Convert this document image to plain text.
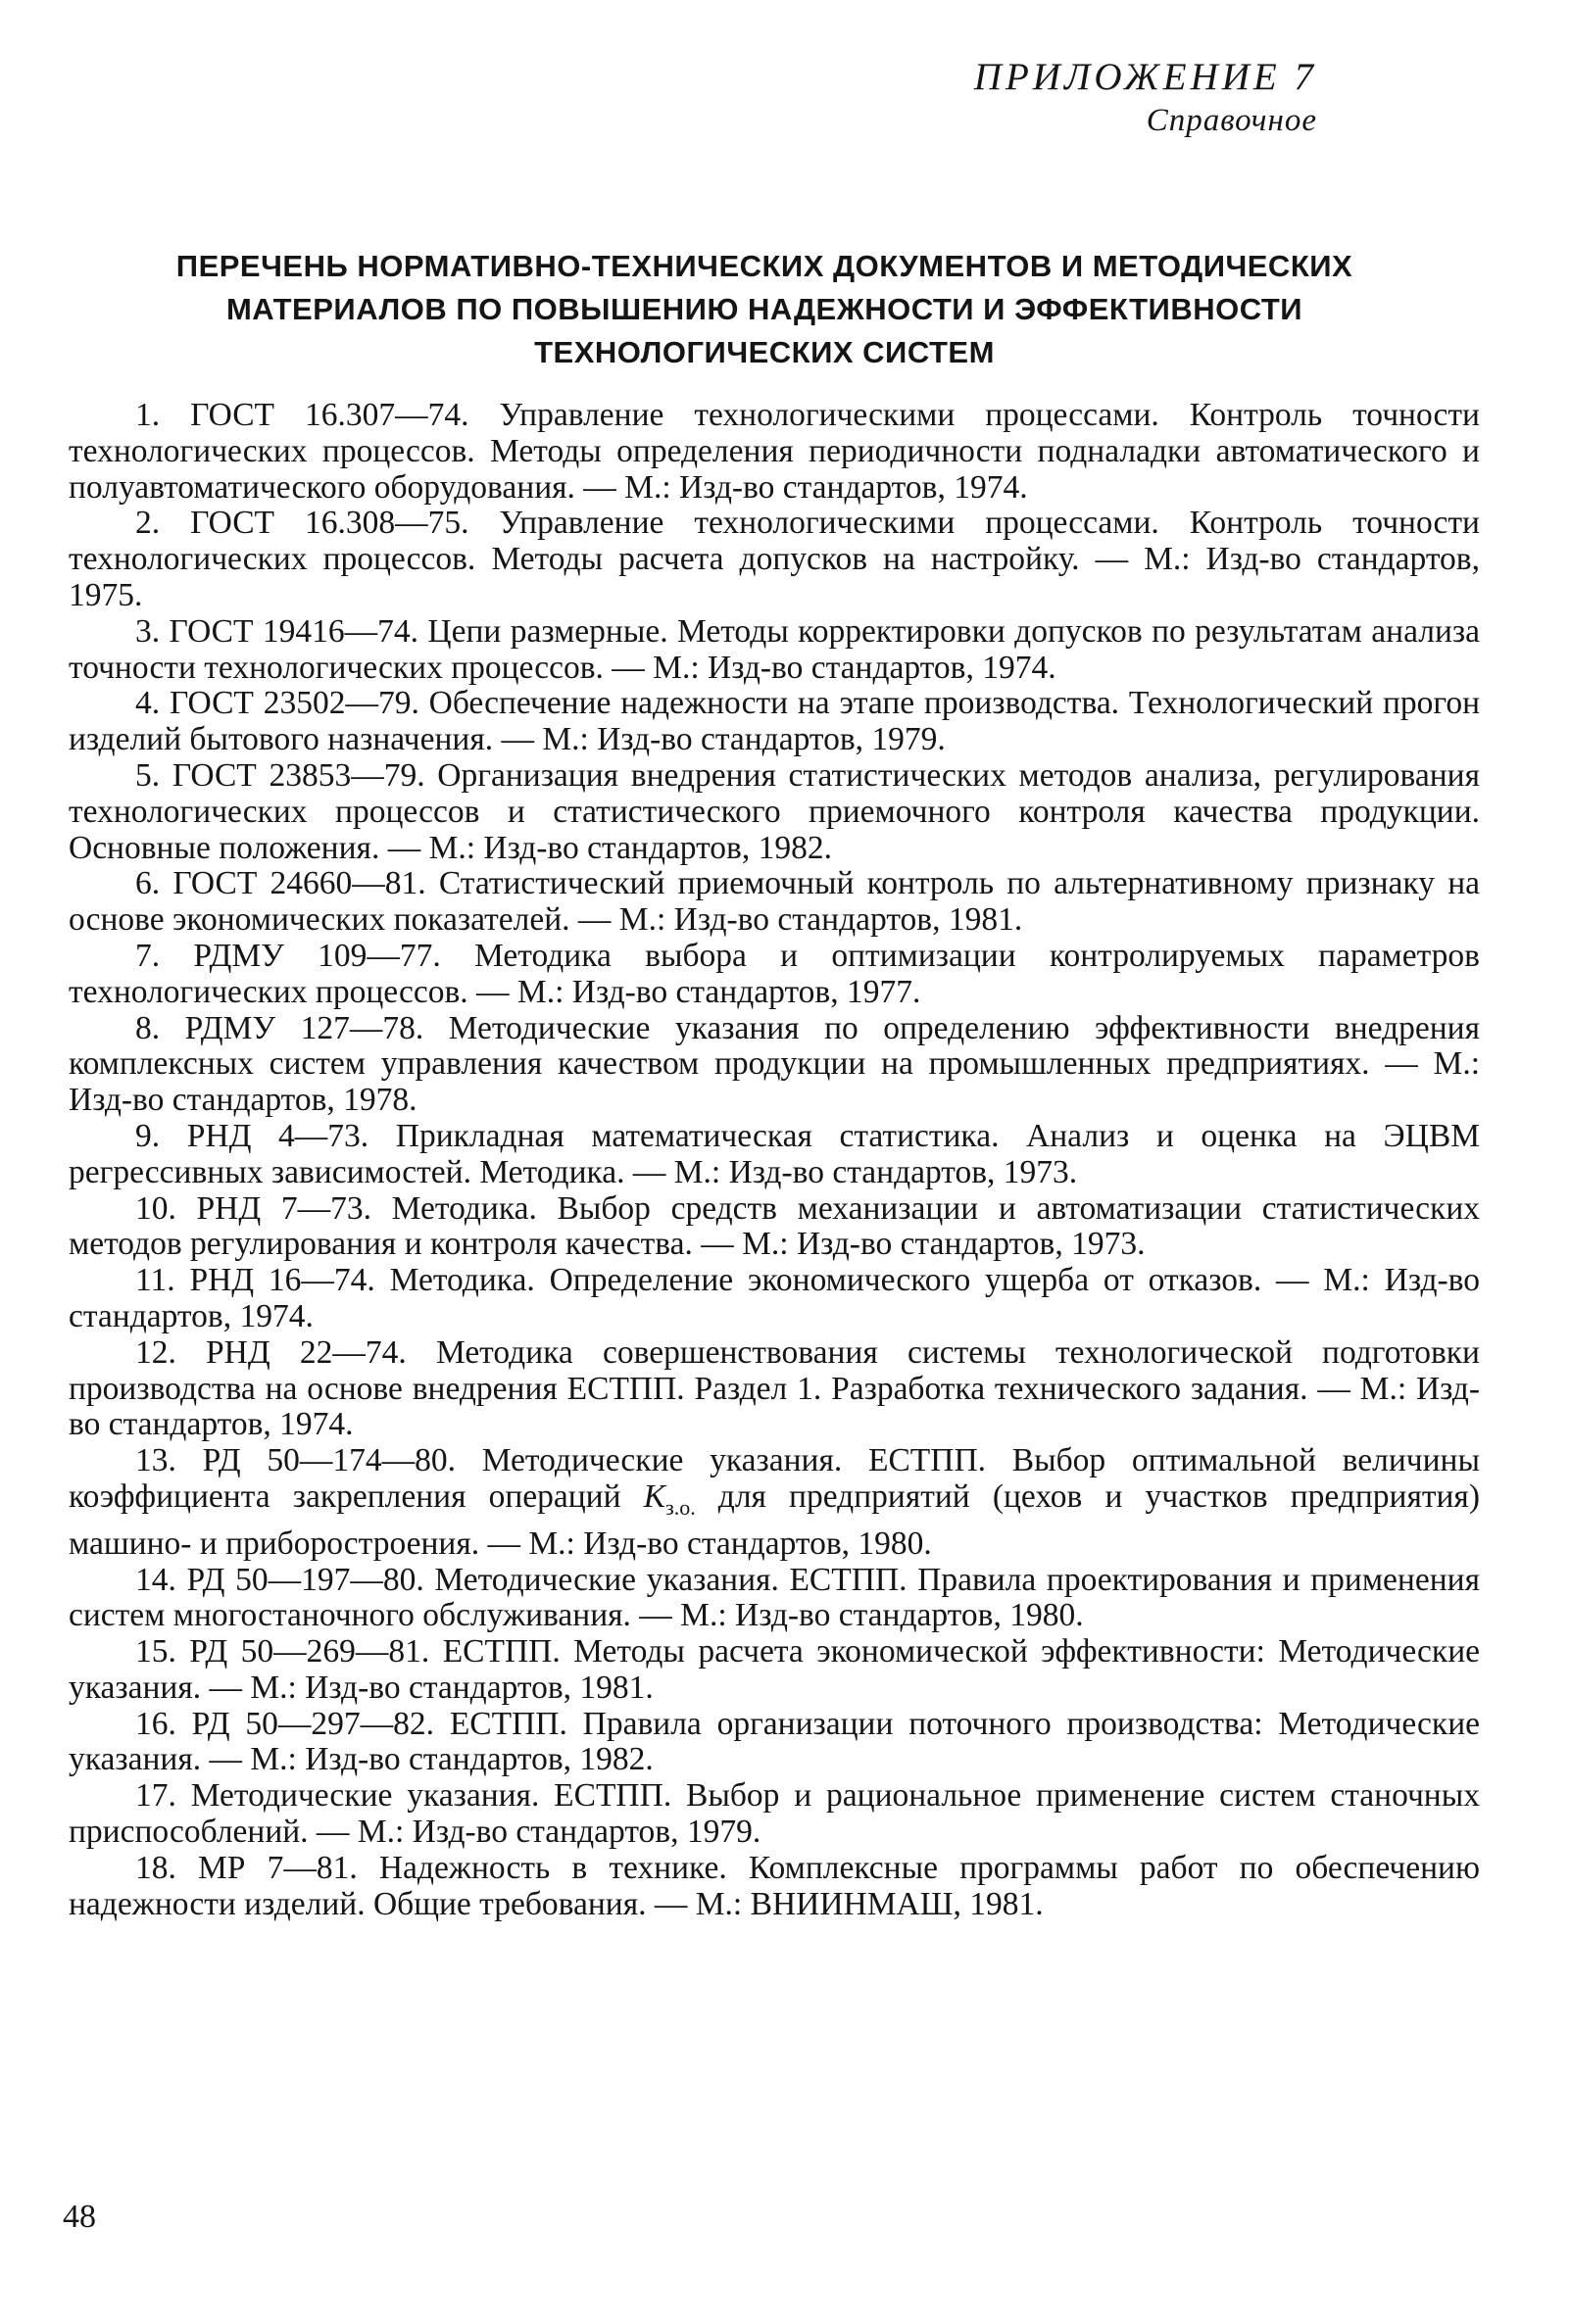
ПРИЛОЖЕНИЕ 7
Справочное
ПЕРЕЧЕНЬ НОРМАТИВНО-ТЕХНИЧЕСКИХ ДОКУМЕНТОВ И МЕТОДИЧЕСКИХ
МАТЕРИАЛОВ ПО ПОВЫШЕНИЮ НАДЕЖНОСТИ И ЭФФЕКТИВНОСТИ
ТЕХНОЛОГИЧЕСКИХ СИСТЕМ

1. ГОСТ 16.307—74. Управление технологическими процессами. Контроль точности технологических процессов. Методы определения периодичности подналадки автоматического и полуавтоматического оборудования. — М.: Изд-во стандартов, 1974.

2. ГОСТ 16.308—75. Управление технологическими процессами. Контроль точности технологических процессов. Методы расчета допусков на настройку. — М.: Изд-во стандартов, 1975.

3. ГОСТ 19416—74. Цепи размерные. Методы корректировки допусков по результатам анализа точности технологических процессов. — М.: Изд-во стандартов, 1974.

4. ГОСТ 23502—79. Обеспечение надежности на этапе производства. Технологический прогон изделий бытового назначения. — М.: Изд-во стандартов, 1979.

5. ГОСТ 23853—79. Организация внедрения статистических методов анализа, регулирования технологических процессов и статистического приемочного контроля качества продукции. Основные положения. — М.: Изд-во стандартов, 1982.

6. ГОСТ 24660—81. Статистический приемочный контроль по альтернативному признаку на основе экономических показателей. — М.: Изд-во стандартов, 1981.

7. РДМУ 109—77. Методика выбора и оптимизации контролируемых параметров технологических процессов. — М.: Изд-во стандартов, 1977.

8. РДМУ 127—78. Методические указания по определению эффективности внедрения комплексных систем управления качеством продукции на промышленных предприятиях. — М.: Изд-во стандартов, 1978.

9. РНД 4—73. Прикладная математическая статистика. Анализ и оценка на ЭЦВМ регрессивных зависимостей. Методика. — М.: Изд-во стандартов, 1973.

10. РНД 7—73. Методика. Выбор средств механизации и автоматизации статистических методов регулирования и контроля качества. — М.: Изд-во стандартов, 1973.

11. РНД 16—74. Методика. Определение экономического ущерба от отказов. — М.: Изд-во стандартов, 1974.

12. РНД 22—74. Методика совершенствования системы технологической подготовки производства на основе внедрения ЕСТПП. Раздел 1. Разработка технического задания. — М.: Изд-во стандартов, 1974.

13. РД 50—174—80. Методические указания. ЕСТПП. Выбор оптимальной величины коэффициента закрепления операций $K_{з.о.}$ для предприятий (цехов и участков предприятия) машино- и приборостроения. — М.: Изд-во стандартов, 1980.

14. РД 50—197—80. Методические указания. ЕСТПП. Правила проектирования и применения систем многостаночного обслуживания. — М.: Изд-во стандартов, 1980.

15. РД 50—269—81. ЕСТПП. Методы расчета экономической эффективности: Методические указания. — М.: Изд-во стандартов, 1981.

16. РД 50—297—82. ЕСТПП. Правила организации поточного производства: Методические указания. — М.: Изд-во стандартов, 1982.

17. Методические указания. ЕСТПП. Выбор и рациональное применение систем станочных приспособлений. — М.: Изд-во стандартов, 1979.

18. МР 7—81. Надежность в технике. Комплексные программы работ по обеспечению надежности изделий. Общие требования. — М.: ВНИИНМАШ, 1981.

48
